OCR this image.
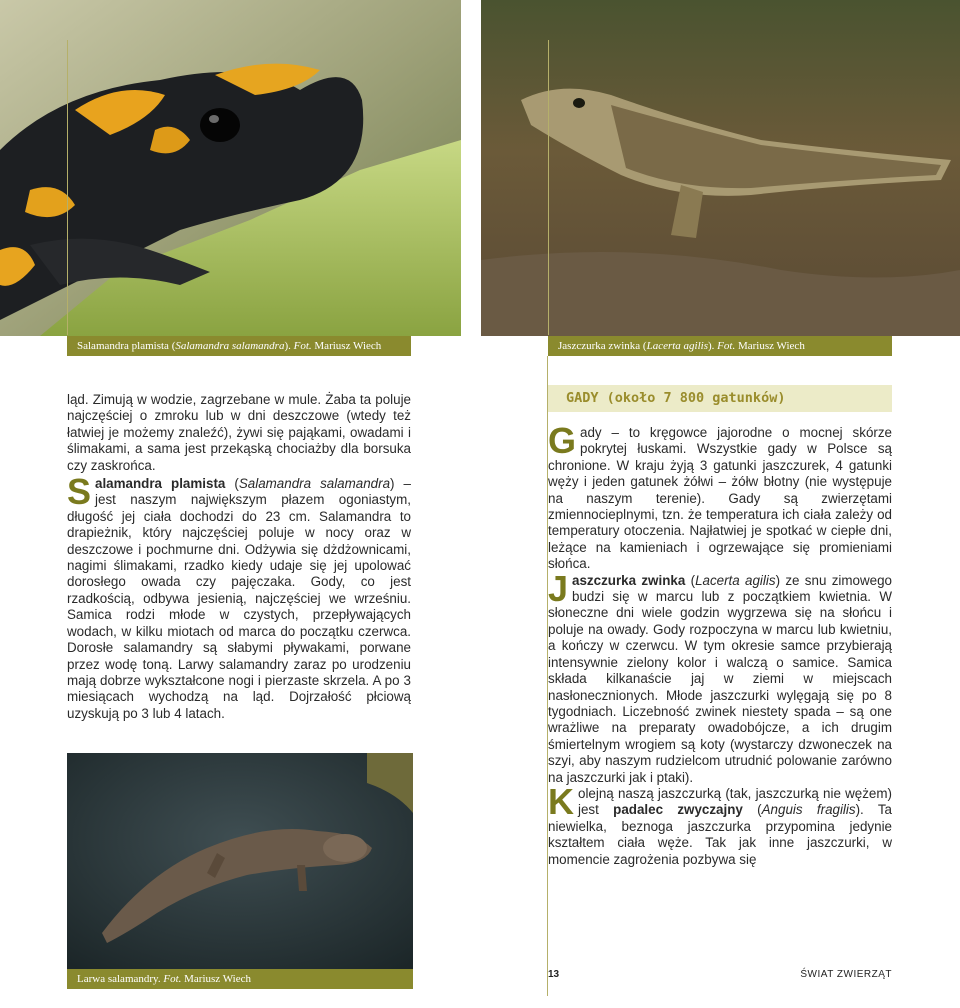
Salamandra plamista (Salamandra salamandra). Fot. Mariusz Wiech	Jaszczurka zwinka (Lacerta agilis). Fot. Mariusz Wiech

ląd. Zimują w wodzie, zagrzebane w mule. Żaba ta poluje najczęściej o zmroku lub w dni deszczowe (wtedy też łatwiej je możemy znaleźć), żywi się pająkami, owadami i ślimakami, a sama jest przekąską chociażby dla borsuka czy zaskrońca.

Salamandra plamista (Salamandra salamandra) – jest naszym największym płazem ogoniastym, długość jej ciała dochodzi do 23 cm. Salamandra to drapieżnik, który najczęściej poluje w nocy oraz w deszczowe i pochmurne dni. Odżywia się dżdżownicami, nagimi ślimakami, rzadko kiedy udaje się jej upolować dorosłego owada czy pajęczaka. Gody, co jest rzadkością, odbywa jesienią, najczęściej we wrześniu. Samica rodzi młode w czystych, przepływających wodach, w kilku miotach od marca do początku czerwca. Dorosłe salamandry są słabymi pływakami, porwane przez wodę toną. Larwy salamandry zaraz po urodzeniu mają dobrze wykształcone nogi i pierzaste skrzela. A po 3 miesiącach wychodzą na ląd. Dojrzałość płciową uzyskują po 3 lub 4 latach.

Larwa salamandry. Fot. Mariusz Wiech
GADY (około 7 800 gatunków)

Gady – to kręgowce jajorodne o mocnej skórze pokrytej łuskami. Wszystkie gady w Polsce są chronione. W kraju żyją 3 gatunki jaszczurek, 4 gatunki węży i jeden gatunek żółwi – żółw błotny (nie występuje na naszym terenie). Gady są zwierzętami zmiennocieplnymi, tzn. że temperatura ich ciała zależy od temperatury otoczenia. Najłatwiej je spotkać w ciepłe dni, leżące na kamieniach i ogrzewające się promieniami słońca.

Jaszczurka zwinka (Lacerta agilis) ze snu zimowego budzi się w marcu lub z początkiem kwietnia. W słoneczne dni wiele godzin wygrzewa się na słońcu i poluje na owady. Gody rozpoczyna w marcu lub kwietniu, a kończy w czerwcu. W tym okresie samce przybierają intensywnie zielony kolor i walczą o samice. Samica składa kilkanaście jaj w ziemi w miejscach nasłonecznionych. Młode jaszczurki wylęgają się po 8 tygodniach. Liczebność zwinek niestety spada – są one wrażliwe na preparaty owadobójcze, a ich drugim śmiertelnym wrogiem są koty (wystarczy dzwoneczek na szyi, aby naszym rudzielcom utrudnić polowanie zarówno na jaszczurki jak i ptaki).

Kolejną naszą jaszczurką (tak, jaszczurką nie wężem) jest padalec zwyczajny (Anguis fragilis). Ta niewielka, beznoga jaszczurka przypomina jedynie kształtem ciała węże. Tak jak inne jaszczurki, w momencie zagrożenia pozbywa się

13	ŚWIAT ZWIERZĄT
